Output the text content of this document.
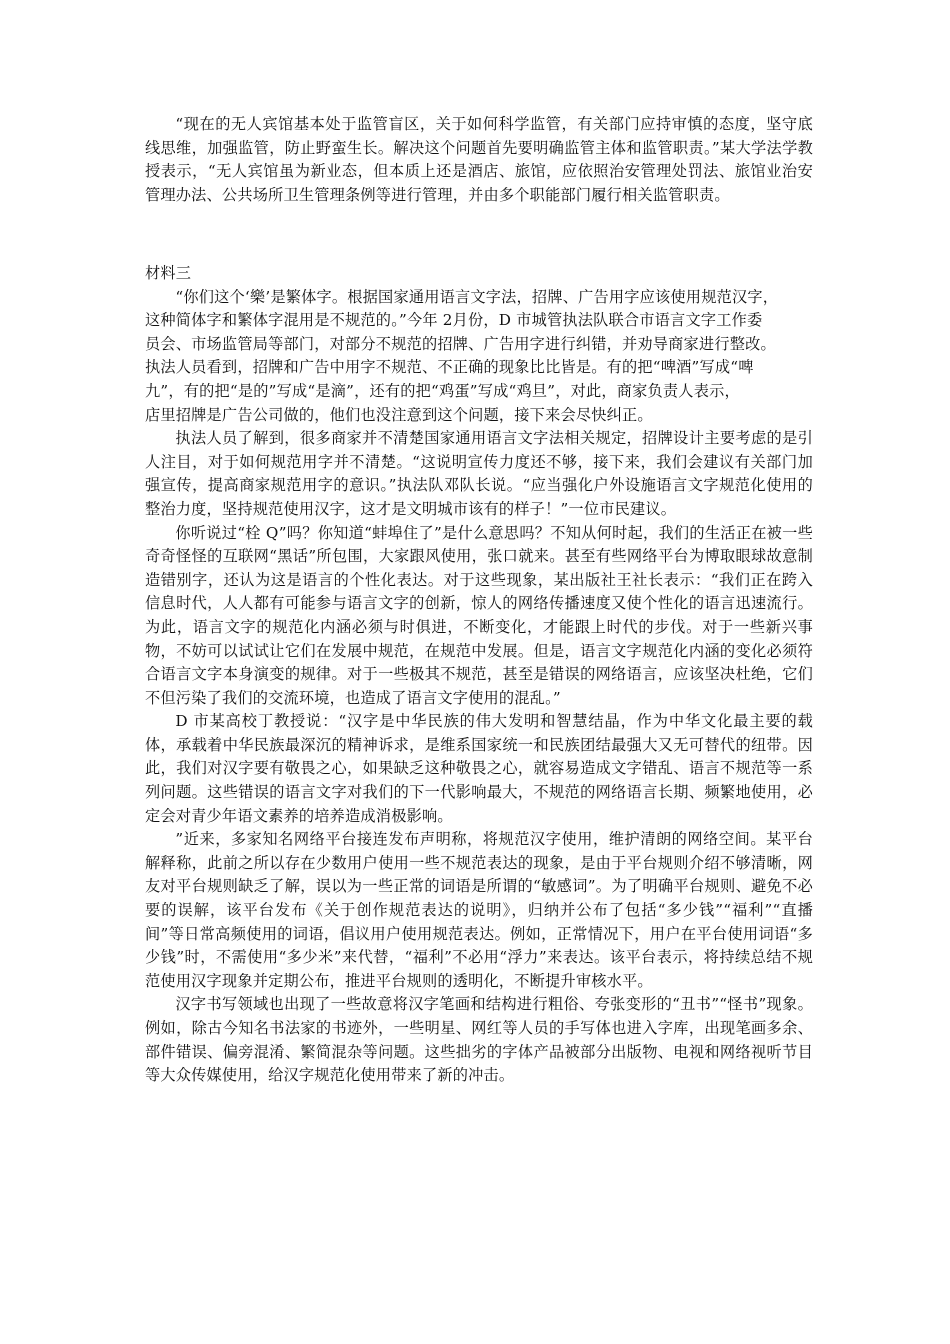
“现在的无人宾馆基本处于监管盲区，关于如何科学监管，有关部门应持审慎的态度，坚守底线思维，加强监管，防止野蛮生长。解决这个问题首先要明确监管主体和监管职责。”某大学法学教授表示，“无人宾馆虽为新业态，但本质上还是酒店、旅馆，应依照治安管理处罚法、旅馆业治安管理办法、公共场所卫生管理条例等进行管理，并由多个职能部门履行相关监管职责。

材料三

“你们这个‘樂’是繁体字。根据国家通用语言文字法，招牌、广告用字应该使用规范汉字，

这种简体字和繁体字混用是不规范的。”今年 2月份，D 市城管执法队联合市语言文字工作委

员会、市场监管局等部门，对部分不规范的招牌、广告用字进行纠错，并劝导商家进行整改。

执法人员看到，招牌和广告中用字不规范、不正确的现象比比皆是。有的把“啤酒”写成“啤

九”，有的把“是的”写成“是滴”，还有的把“鸡蛋”写成“鸡旦”，对此，商家负责人表示，

店里招牌是广告公司做的，他们也没注意到这个问题，接下来会尽快纠正。

执法人员了解到，很多商家并不清楚国家通用语言文字法相关规定，招牌设计主要考虑的是引人注目，对于如何规范用字并不清楚。“这说明宣传力度还不够，接下来，我们会建议有关部门加强宣传，提高商家规范用字的意识。”执法队邓队长说。“应当强化户外设施语言文字规范化使用的整治力度，坚持规范使用汉字，这才是文明城市该有的样子！”一位市民建议。

你听说过“栓 Q”吗？你知道“蚌埠住了”是什么意思吗？不知从何时起，我们的生活正在被一些奇奇怪怪的互联网“黑话”所包围，大家跟风使用，张口就来。甚至有些网络平台为博取眼球故意制造错别字，还认为这是语言的个性化表达。对于这些现象，某出版社王社长表示：“我们正在跨入信息时代，人人都有可能参与语言文字的创新，惊人的网络传播速度又使个性化的语言迅速流行。为此，语言文字的规范化内涵必须与时俱进，不断变化，才能跟上时代的步伐。对于一些新兴事物，不妨可以试试让它们在发展中规范，在规范中发展。但是，语言文字规范化内涵的变化必须符合语言文字本身演变的规律。对于一些极其不规范，甚至是错误的网络语言，应该坚决杜绝，它们不但污染了我们的交流环境，也造成了语言文字使用的混乱。”

D 市某高校丁教授说：“汉字是中华民族的伟大发明和智慧结晶，作为中华文化最主要的载体，承载着中华民族最深沉的精神诉求，是维系国家统一和民族团结最强大又无可替代的纽带。因此，我们对汉字要有敬畏之心，如果缺乏这种敬畏之心，就容易造成文字错乱、语言不规范等一系列问题。这些错误的语言文字对我们的下一代影响最大，不规范的网络语言长期、频繁地使用，必定会对青少年语文素养的培养造成消极影响。

”近来，多家知名网络平台接连发布声明称，将规范汉字使用，维护清朗的网络空间。某平台解释称，此前之所以存在少数用户使用一些不规范表达的现象，是由于平台规则介绍不够清晰，网友对平台规则缺乏了解，误以为一些正常的词语是所谓的“敏感词”。为了明确平台规则、避免不必要的误解，该平台发布《关于创作规范表达的说明》，归纳并公布了包括“多少钱”“福利”“直播间”等日常高频使用的词语，倡议用户使用规范表达。例如，正常情况下，用户在平台使用词语“多少钱”时，不需使用“多少米”来代替，“福利”不必用“浮力”来表达。该平台表示，将持续总结不规范使用汉字现象并定期公布，推进平台规则的透明化，不断提升审核水平。

汉字书写领域也出现了一些故意将汉字笔画和结构进行粗俗、夸张变形的“丑书”“怪书”现象。例如，除古今知名书法家的书迹外，一些明星、网红等人员的手写体也进入字库，出现笔画多余、部件错误、偏旁混淆、繁简混杂等问题。这些拙劣的字体产品被部分出版物、电视和网络视听节目等大众传媒使用，给汉字规范化使用带来了新的冲击。
